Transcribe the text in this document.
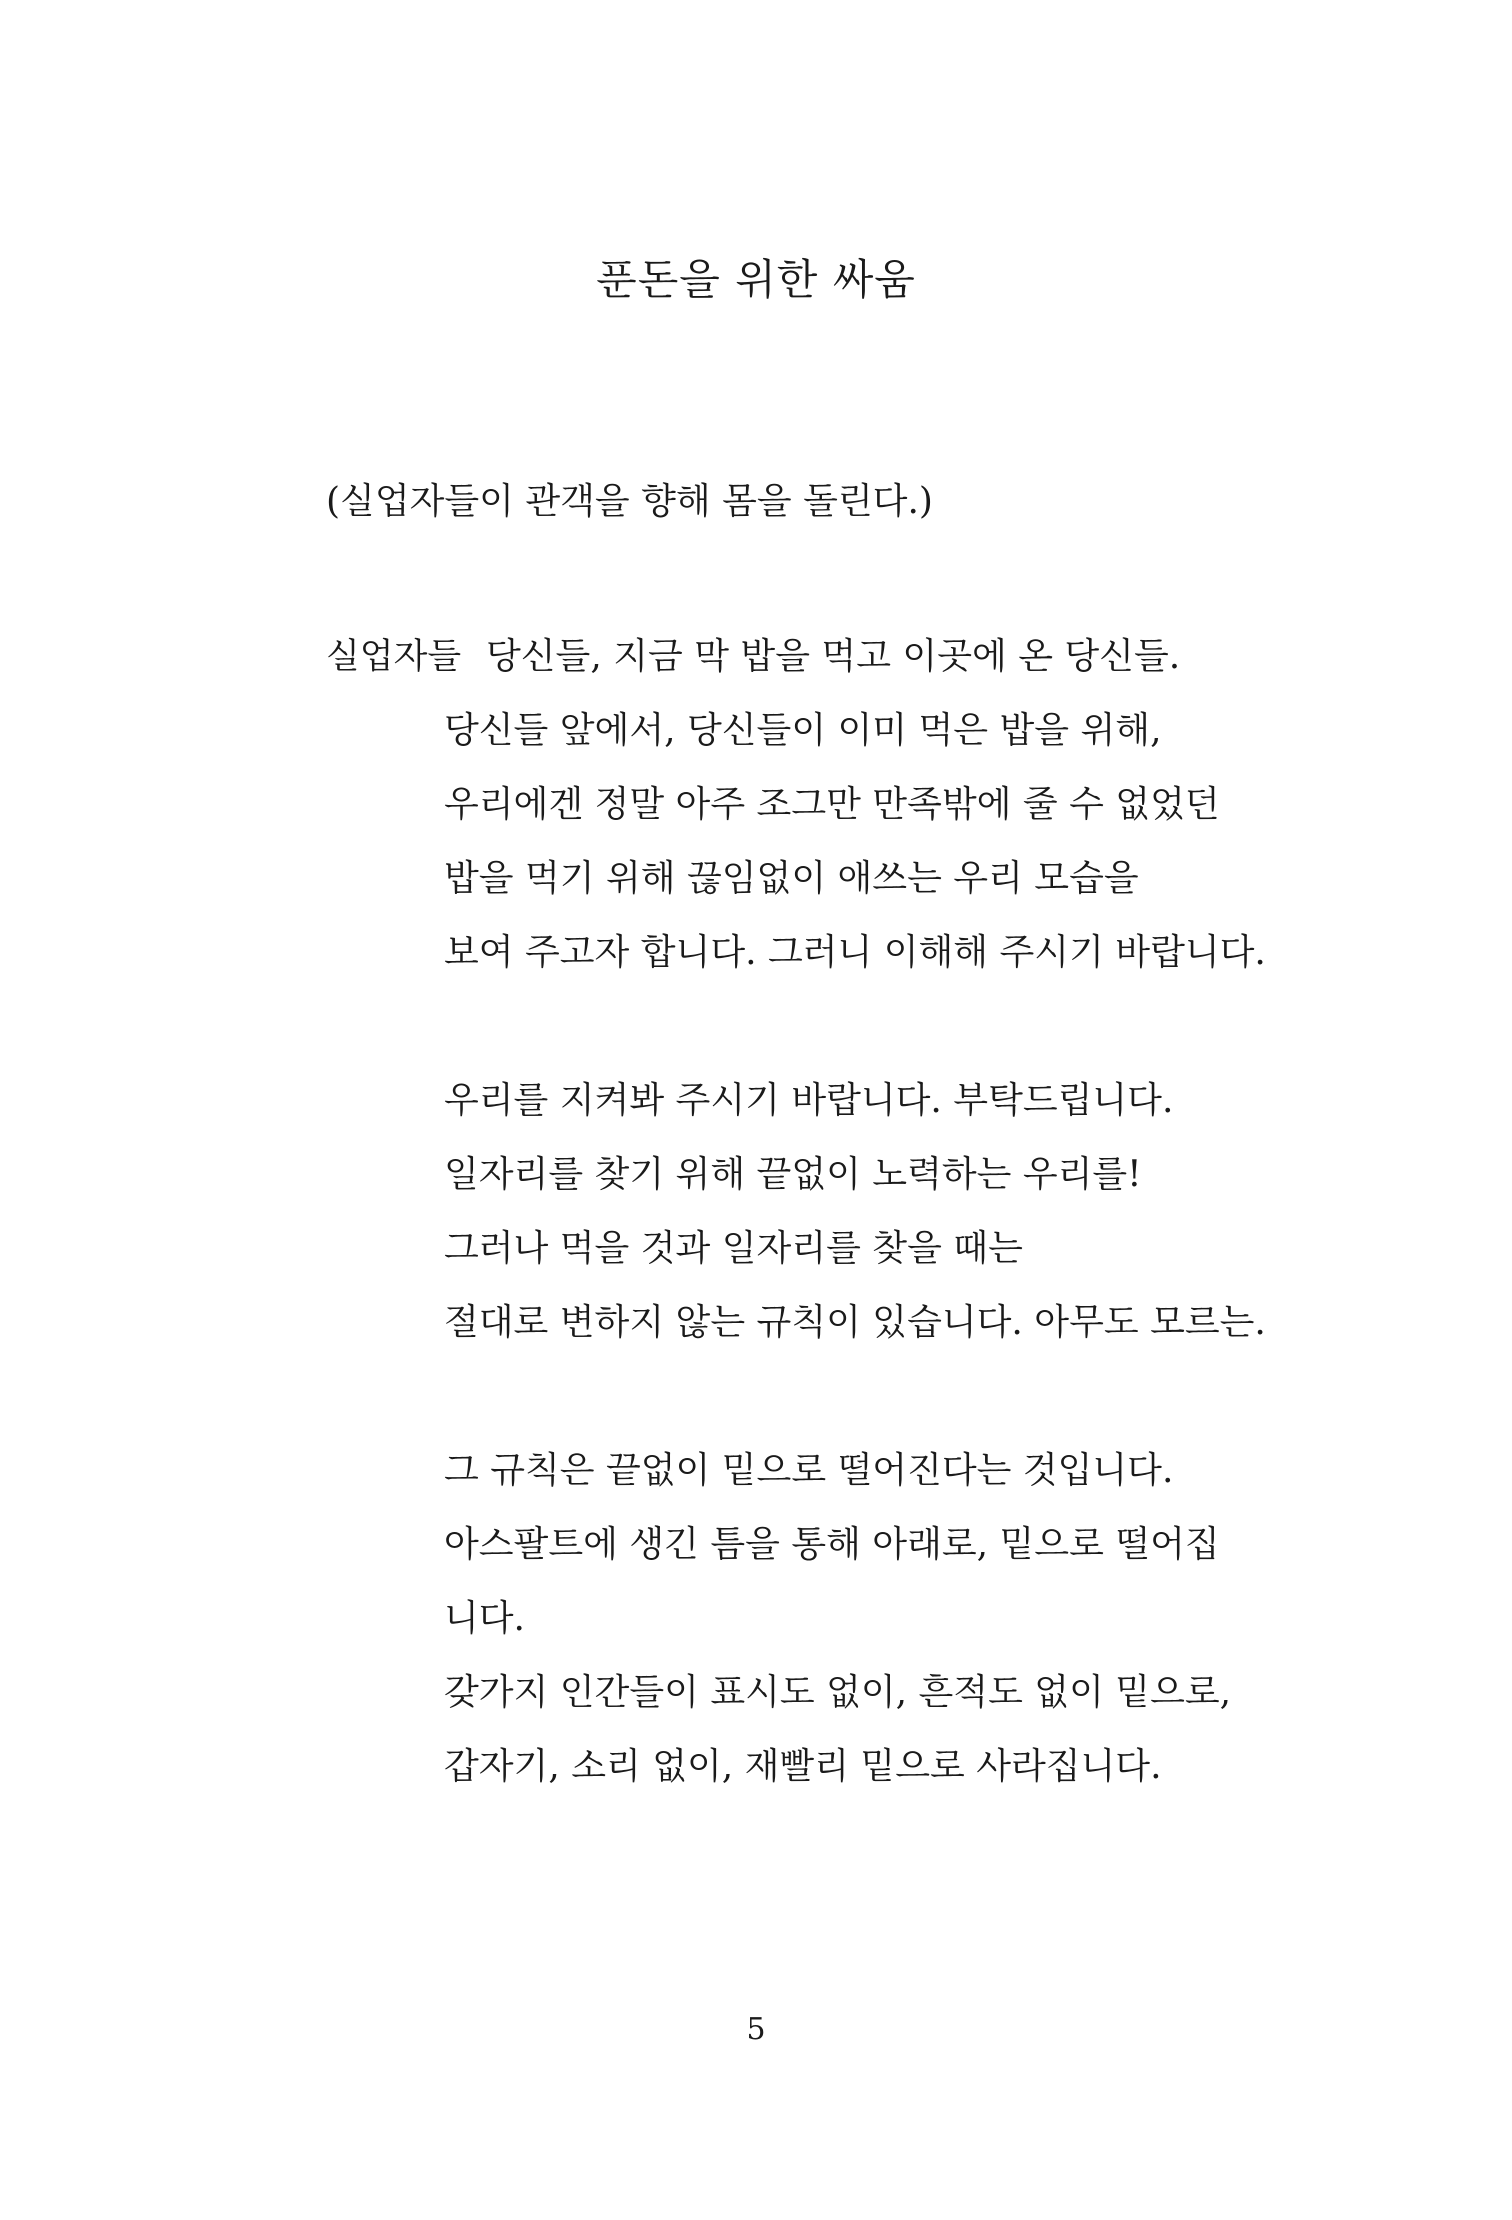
푼돈을 위한 싸움
(실업자들이 관객을 향해 몸을 돌린다.)
실업자들 당신들, 지금 막 밥을 먹고 이곳에 온 당신들.
당신들 앞에서, 당신들이 이미 먹은 밥을 위해,
우리에겐 정말 아주 조그만 만족밖에 줄 수 없었던
밥을 먹기 위해 끊임없이 애쓰는 우리 모습을
보여 주고자 합니다. 그러니 이해해 주시기 바랍니다.
우리를 지켜봐 주시기 바랍니다. 부탁드립니다.
일자리를 찾기 위해 끝없이 노력하는 우리를!
그러나 먹을 것과 일자리를 찾을 때는
절대로 변하지 않는 규칙이 있습니다. 아무도 모르는.
그 규칙은 끝없이 밑으로 떨어진다는 것입니다.
아스팔트에 생긴 틈을 통해 아래로, 밑으로 떨어집
니다.
갖가지 인간들이 표시도 없이, 흔적도 없이 밑으로,
갑자기, 소리 없이, 재빨리 밑으로 사라집니다.
5
